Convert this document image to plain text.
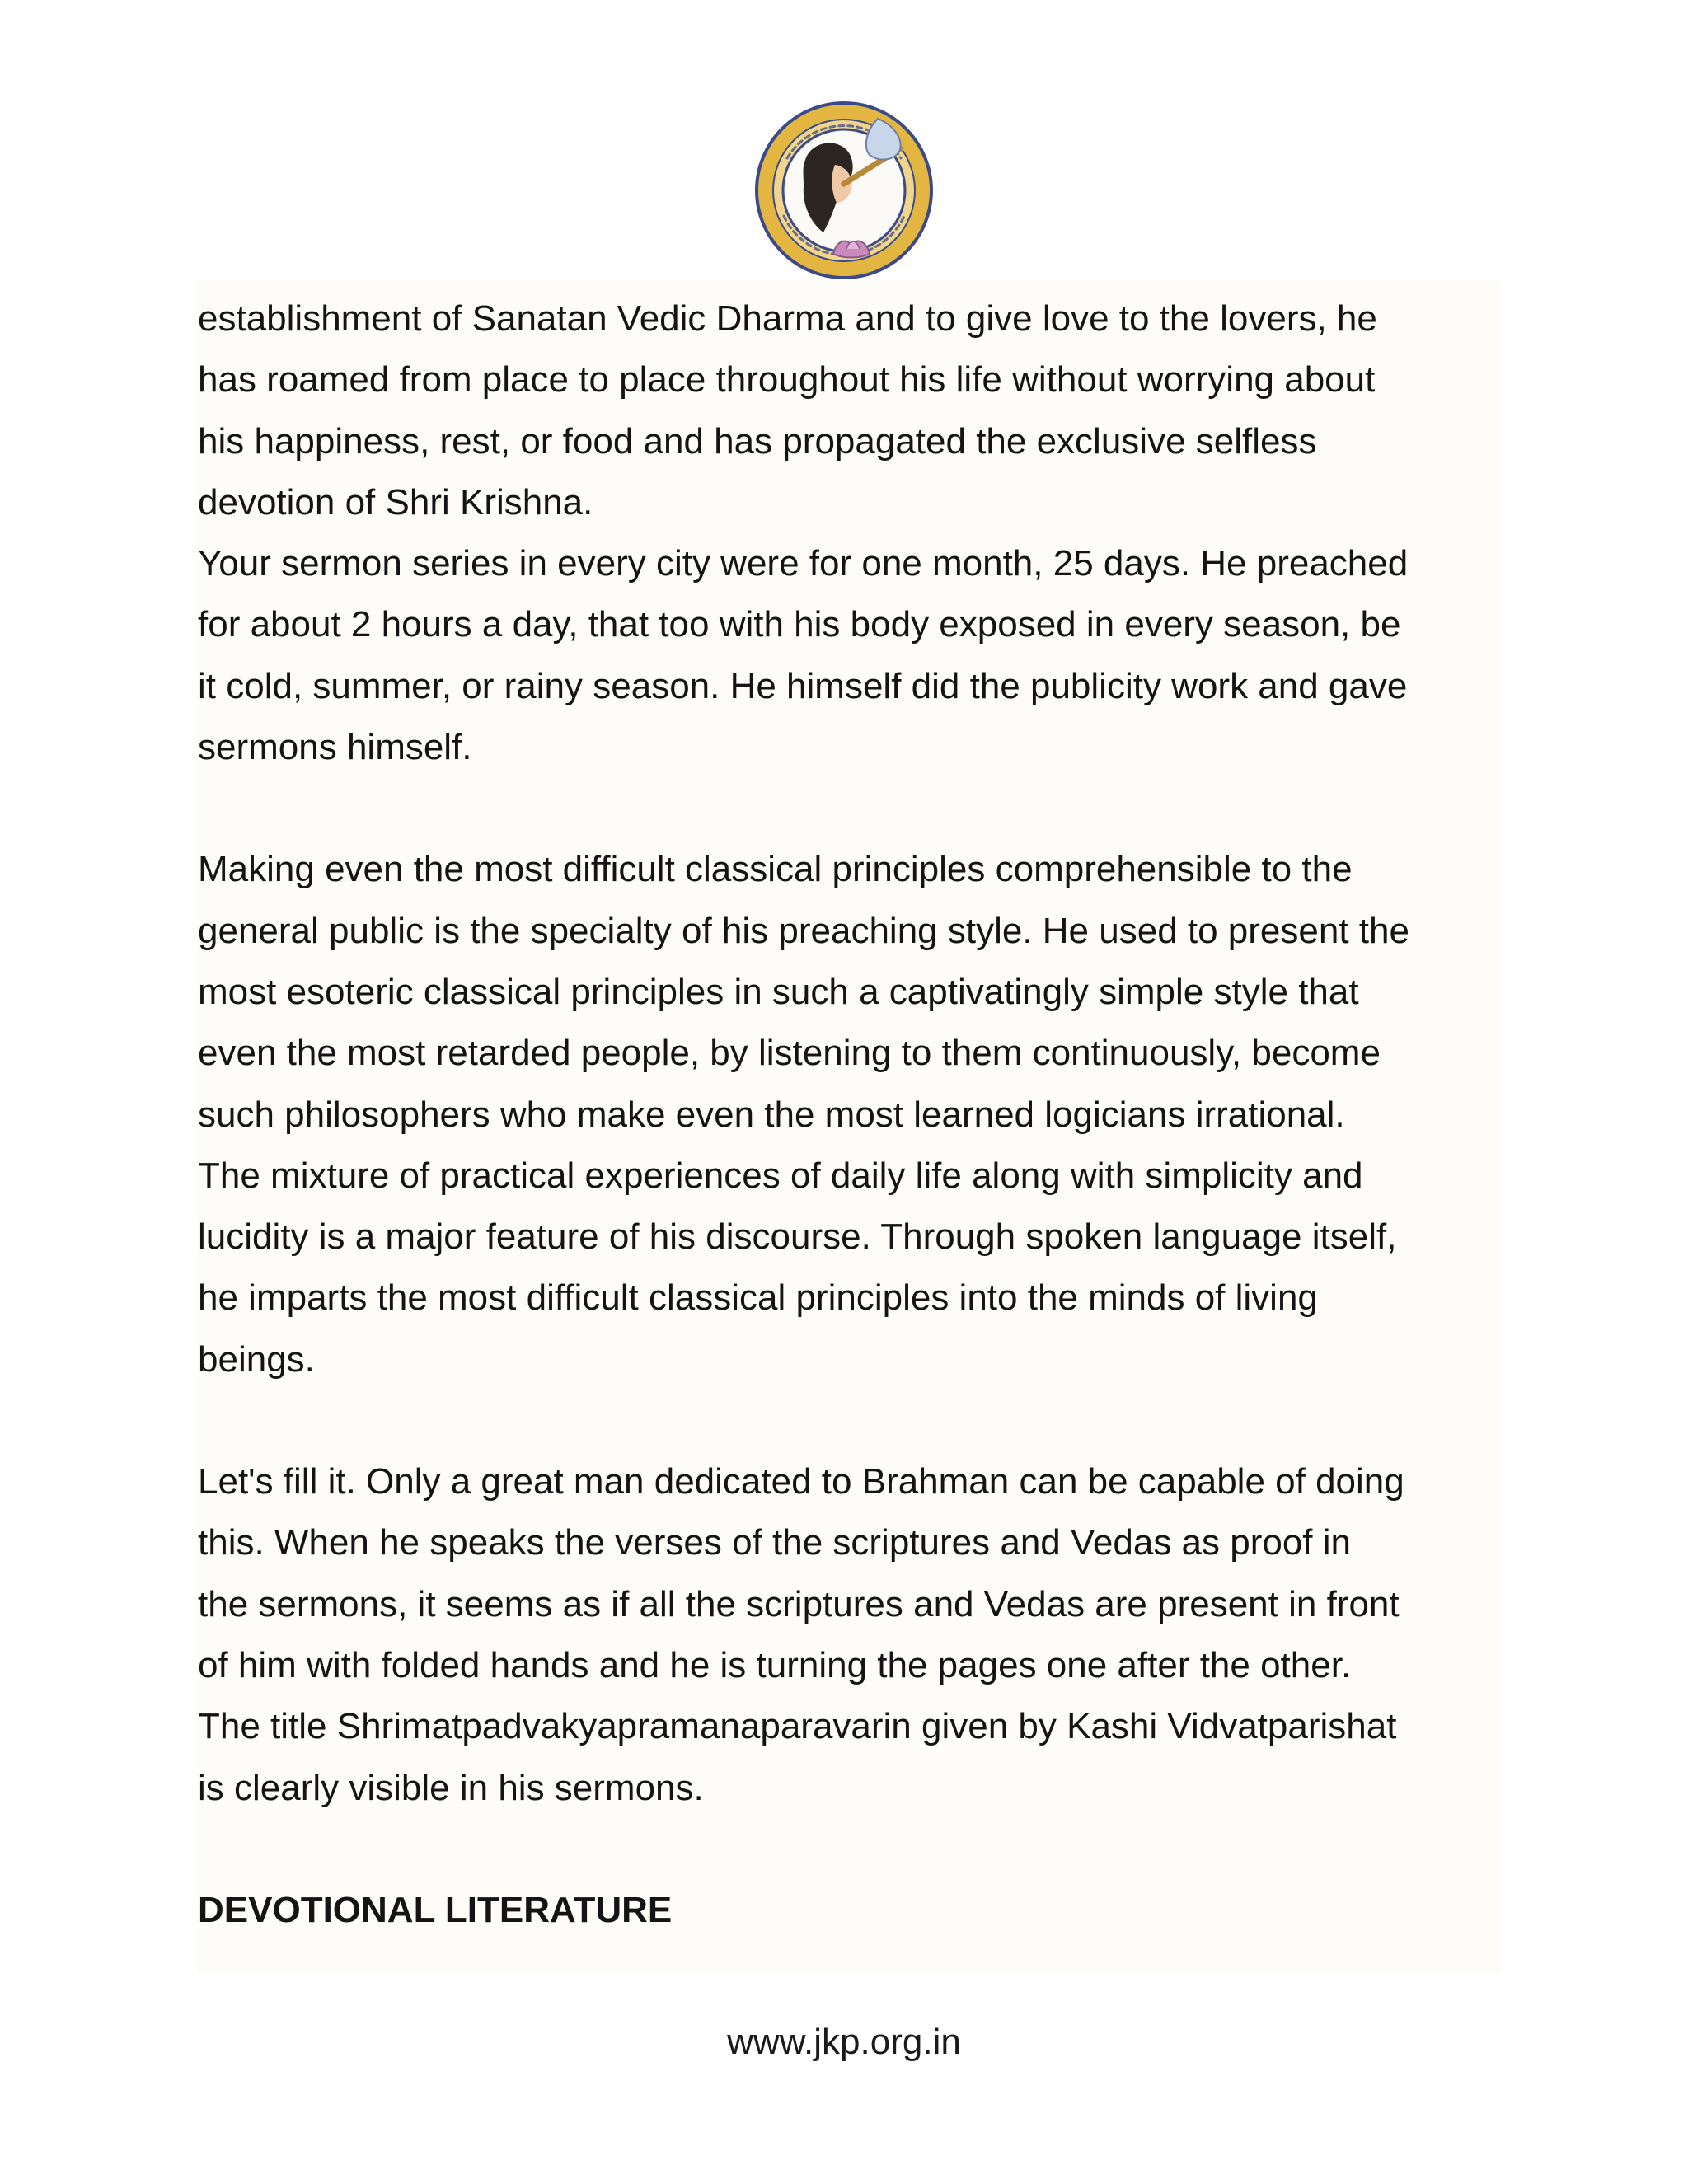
establishment of Sanatan Vedic Dharma and to give love to the lovers, he
has roamed from place to place throughout his life without worrying about
his happiness, rest, or food and has propagated the exclusive selfless
devotion of Shri Krishna.
Your sermon series in every city were for one month, 25 days. He preached
for about 2 hours a day, that too with his body exposed in every season, be
it cold, summer, or rainy season. He himself did the publicity work and gave
sermons himself.

Making even the most difficult classical principles comprehensible to the
general public is the specialty of his preaching style. He used to present the
most esoteric classical principles in such a captivatingly simple style that
even the most retarded people, by listening to them continuously, become
such philosophers who make even the most learned logicians irrational.
The mixture of practical experiences of daily life along with simplicity and
lucidity is a major feature of his discourse. Through spoken language itself,
he imparts the most difficult classical principles into the minds of living
beings.

Let's fill it. Only a great man dedicated to Brahman can be capable of doing
this. When he speaks the verses of the scriptures and Vedas as proof in
the sermons, it seems as if all the scriptures and Vedas are present in front
of him with folded hands and he is turning the pages one after the other.
The title Shrimatpadvakyapramanaparavarin given by Kashi Vidvatparishat
is clearly visible in his sermons.

DEVOTIONAL LITERATURE
www.jkp.org.in
